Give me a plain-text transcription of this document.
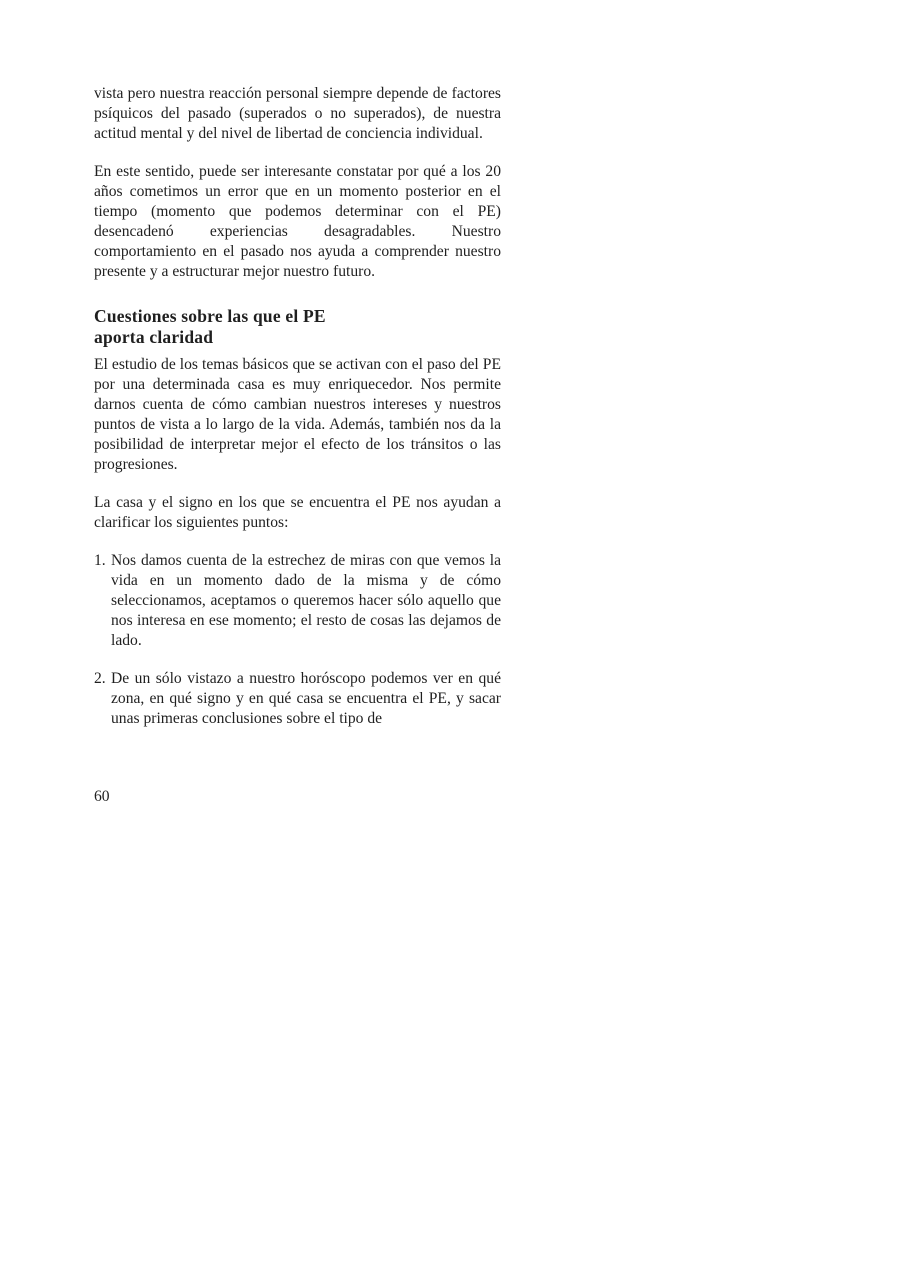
vista pero nuestra reacción personal siempre depende de factores psíquicos del pasado (superados o no superados), de nuestra actitud mental y del nivel de libertad de conciencia individual.

En este sentido, puede ser interesante constatar por qué a los 20 años cometimos un error que en un momento posterior en el tiempo (momento que podemos determinar con el PE) desencadenó experiencias desagradables. Nuestro comportamiento en el pasado nos ayuda a comprender nuestro presente y a estructurar mejor nuestro futuro.

Cuestiones sobre las que el PE
aporta claridad

El estudio de los temas básicos que se activan con el paso del PE por una determinada casa es muy enriquecedor. Nos permite darnos cuenta de cómo cambian nuestros intereses y nuestros puntos de vista a lo largo de la vida. Además, también nos da la posibilidad de interpretar mejor el efecto de los tránsitos o las progresiones.

La casa y el signo en los que se encuentra el PE nos ayudan a clarificar los siguientes puntos:

1. Nos damos cuenta de la estrechez de miras con que vemos la vida en un momento dado de la misma y de cómo seleccionamos, aceptamos o queremos hacer sólo aquello que nos interesa en ese momento; el resto de cosas las dejamos de lado.
2. De un sólo vistazo a nuestro horóscopo podemos ver en qué zona, en qué signo y en qué casa se encuentra el PE, y sacar unas primeras conclusiones sobre el tipo de
60
